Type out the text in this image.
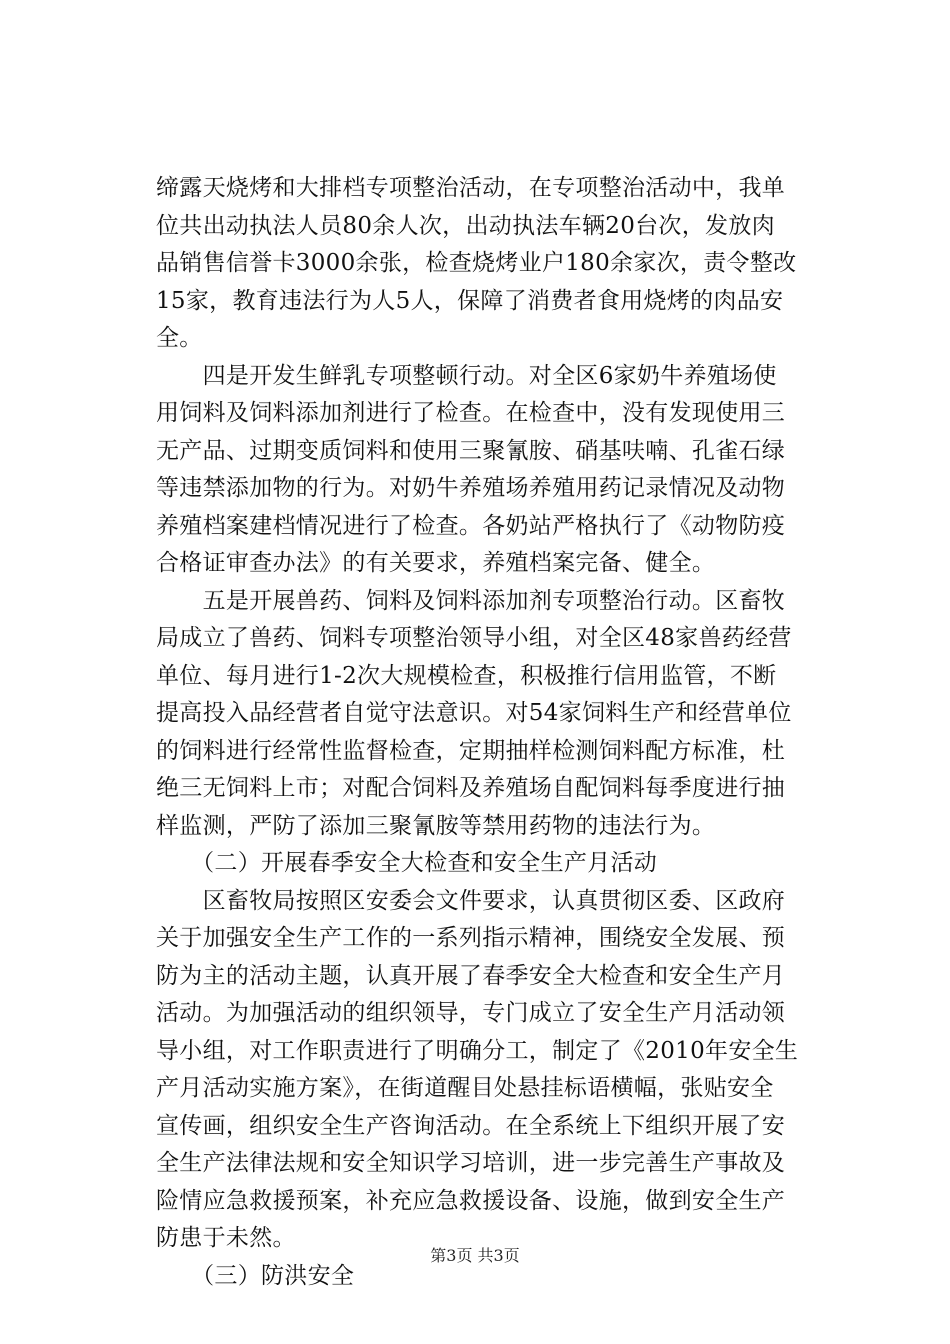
缔露天烧烤和大排档专项整治活动，在专项整治活动中，我单
位共出动执法人员80余人次，出动执法车辆20台次，发放肉
品销售信誉卡3000余张，检查烧烤业户180余家次，责令整改
15家，教育违法行为人5人，保障了消费者食用烧烤的肉品安
全。
　　四是开发生鲜乳专项整顿行动。对全区6家奶牛养殖场使
用饲料及饲料添加剂进行了检查。在检查中，没有发现使用三
无产品、过期变质饲料和使用三聚氰胺、硝基呋喃、孔雀石绿
等违禁添加物的行为。对奶牛养殖场养殖用药记录情况及动物
养殖档案建档情况进行了检查。各奶站严格执行了《动物防疫
合格证审查办法》的有关要求，养殖档案完备、健全。
　　五是开展兽药、饲料及饲料添加剂专项整治行动。区畜牧
局成立了兽药、饲料专项整治领导小组，对全区48家兽药经营
单位、每月进行1-2次大规模检查，积极推行信用监管，不断
提高投入品经营者自觉守法意识。对54家饲料生产和经营单位
的饲料进行经常性监督检查，定期抽样检测饲料配方标准，杜
绝三无饲料上市；对配合饲料及养殖场自配饲料每季度进行抽
样监测，严防了添加三聚氰胺等禁用药物的违法行为。
　　（二）开展春季安全大检查和安全生产月活动
　　区畜牧局按照区安委会文件要求，认真贯彻区委、区政府
关于加强安全生产工作的一系列指示精神，围绕安全发展、预
防为主的活动主题，认真开展了春季安全大检查和安全生产月
活动。为加强活动的组织领导，专门成立了安全生产月活动领
导小组，对工作职责进行了明确分工，制定了《2010年安全生
产月活动实施方案》，在街道醒目处悬挂标语横幅，张贴安全
宣传画，组织安全生产咨询活动。在全系统上下组织开展了安
全生产法律法规和安全知识学习培训，进一步完善生产事故及
险情应急救援预案，补充应急救援设备、设施，做到安全生产
防患于未然。
　　（三）防洪安全
第3页 共3页
